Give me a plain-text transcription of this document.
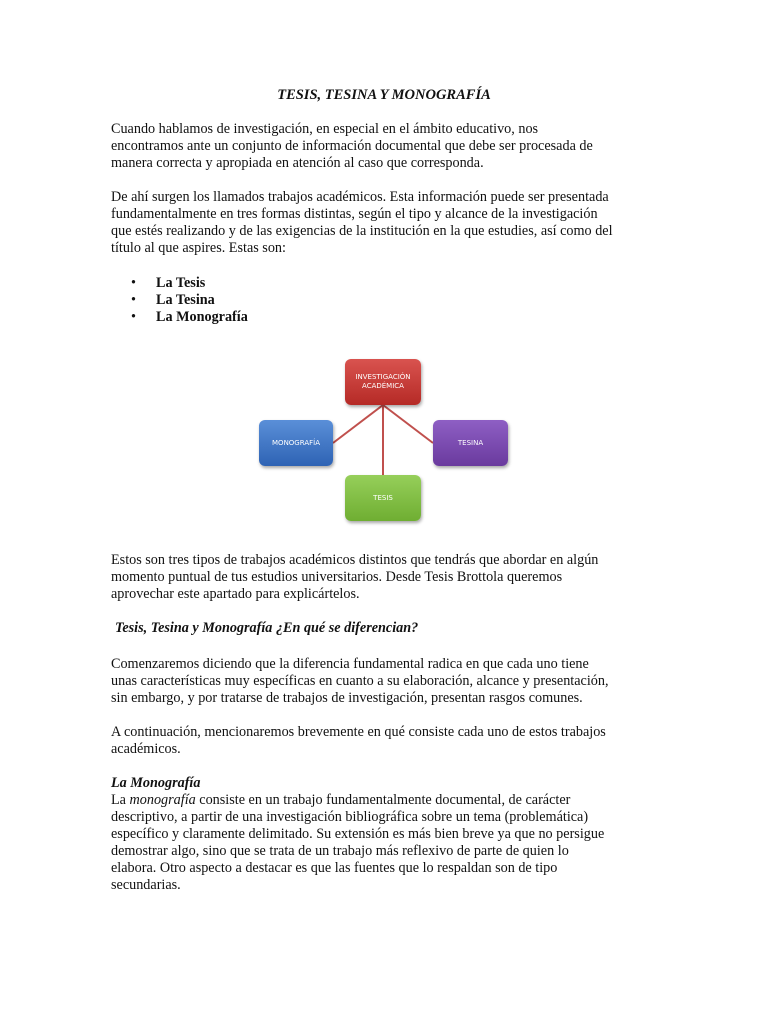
TESIS, TESINA Y MONOGRAFÍA

Cuando hablamos de investigación, en especial en el ámbito educativo, nos
encontramos ante un conjunto de información documental que debe ser procesada de
manera correcta y apropiada en atención al caso que corresponda.

De ahí surgen los llamados trabajos académicos. Esta información puede ser presentada
fundamentalmente en tres formas distintas, según el tipo y alcance de la investigación
que estés realizando y de las exigencias de la institución en la que estudies, así como del
título al que aspires. Estas son:

• La Tesis
• La Tesina
• La Monografía
INVESTIGACIÓN
ACADÉMICA
MONOGRAFÍA	TESINA
TESIS

Estos son tres tipos de trabajos académicos distintos que tendrás que abordar en algún
momento puntual de tus estudios universitarios. Desde Tesis Brottola queremos
aprovechar este apartado para explicártelos.

Tesis, Tesina y Monografía ¿En qué se diferencian?

Comenzaremos diciendo que la diferencia fundamental radica en que cada uno tiene
unas características muy específicas en cuanto a su elaboración, alcance y presentación,
sin embargo, y por tratarse de trabajos de investigación, presentan rasgos comunes.

A continuación, mencionaremos brevemente en qué consiste cada uno de estos trabajos
académicos.

La Monografía

La monografía consiste en un trabajo fundamentalmente documental, de carácter
descriptivo, a partir de una investigación bibliográfica sobre un tema (problemática)
específico y claramente delimitado. Su extensión es más bien breve ya que no persigue
demostrar algo, sino que se trata de un trabajo más reflexivo de parte de quien lo
elabora. Otro aspecto a destacar es que las fuentes que lo respaldan son de tipo
secundarias.
